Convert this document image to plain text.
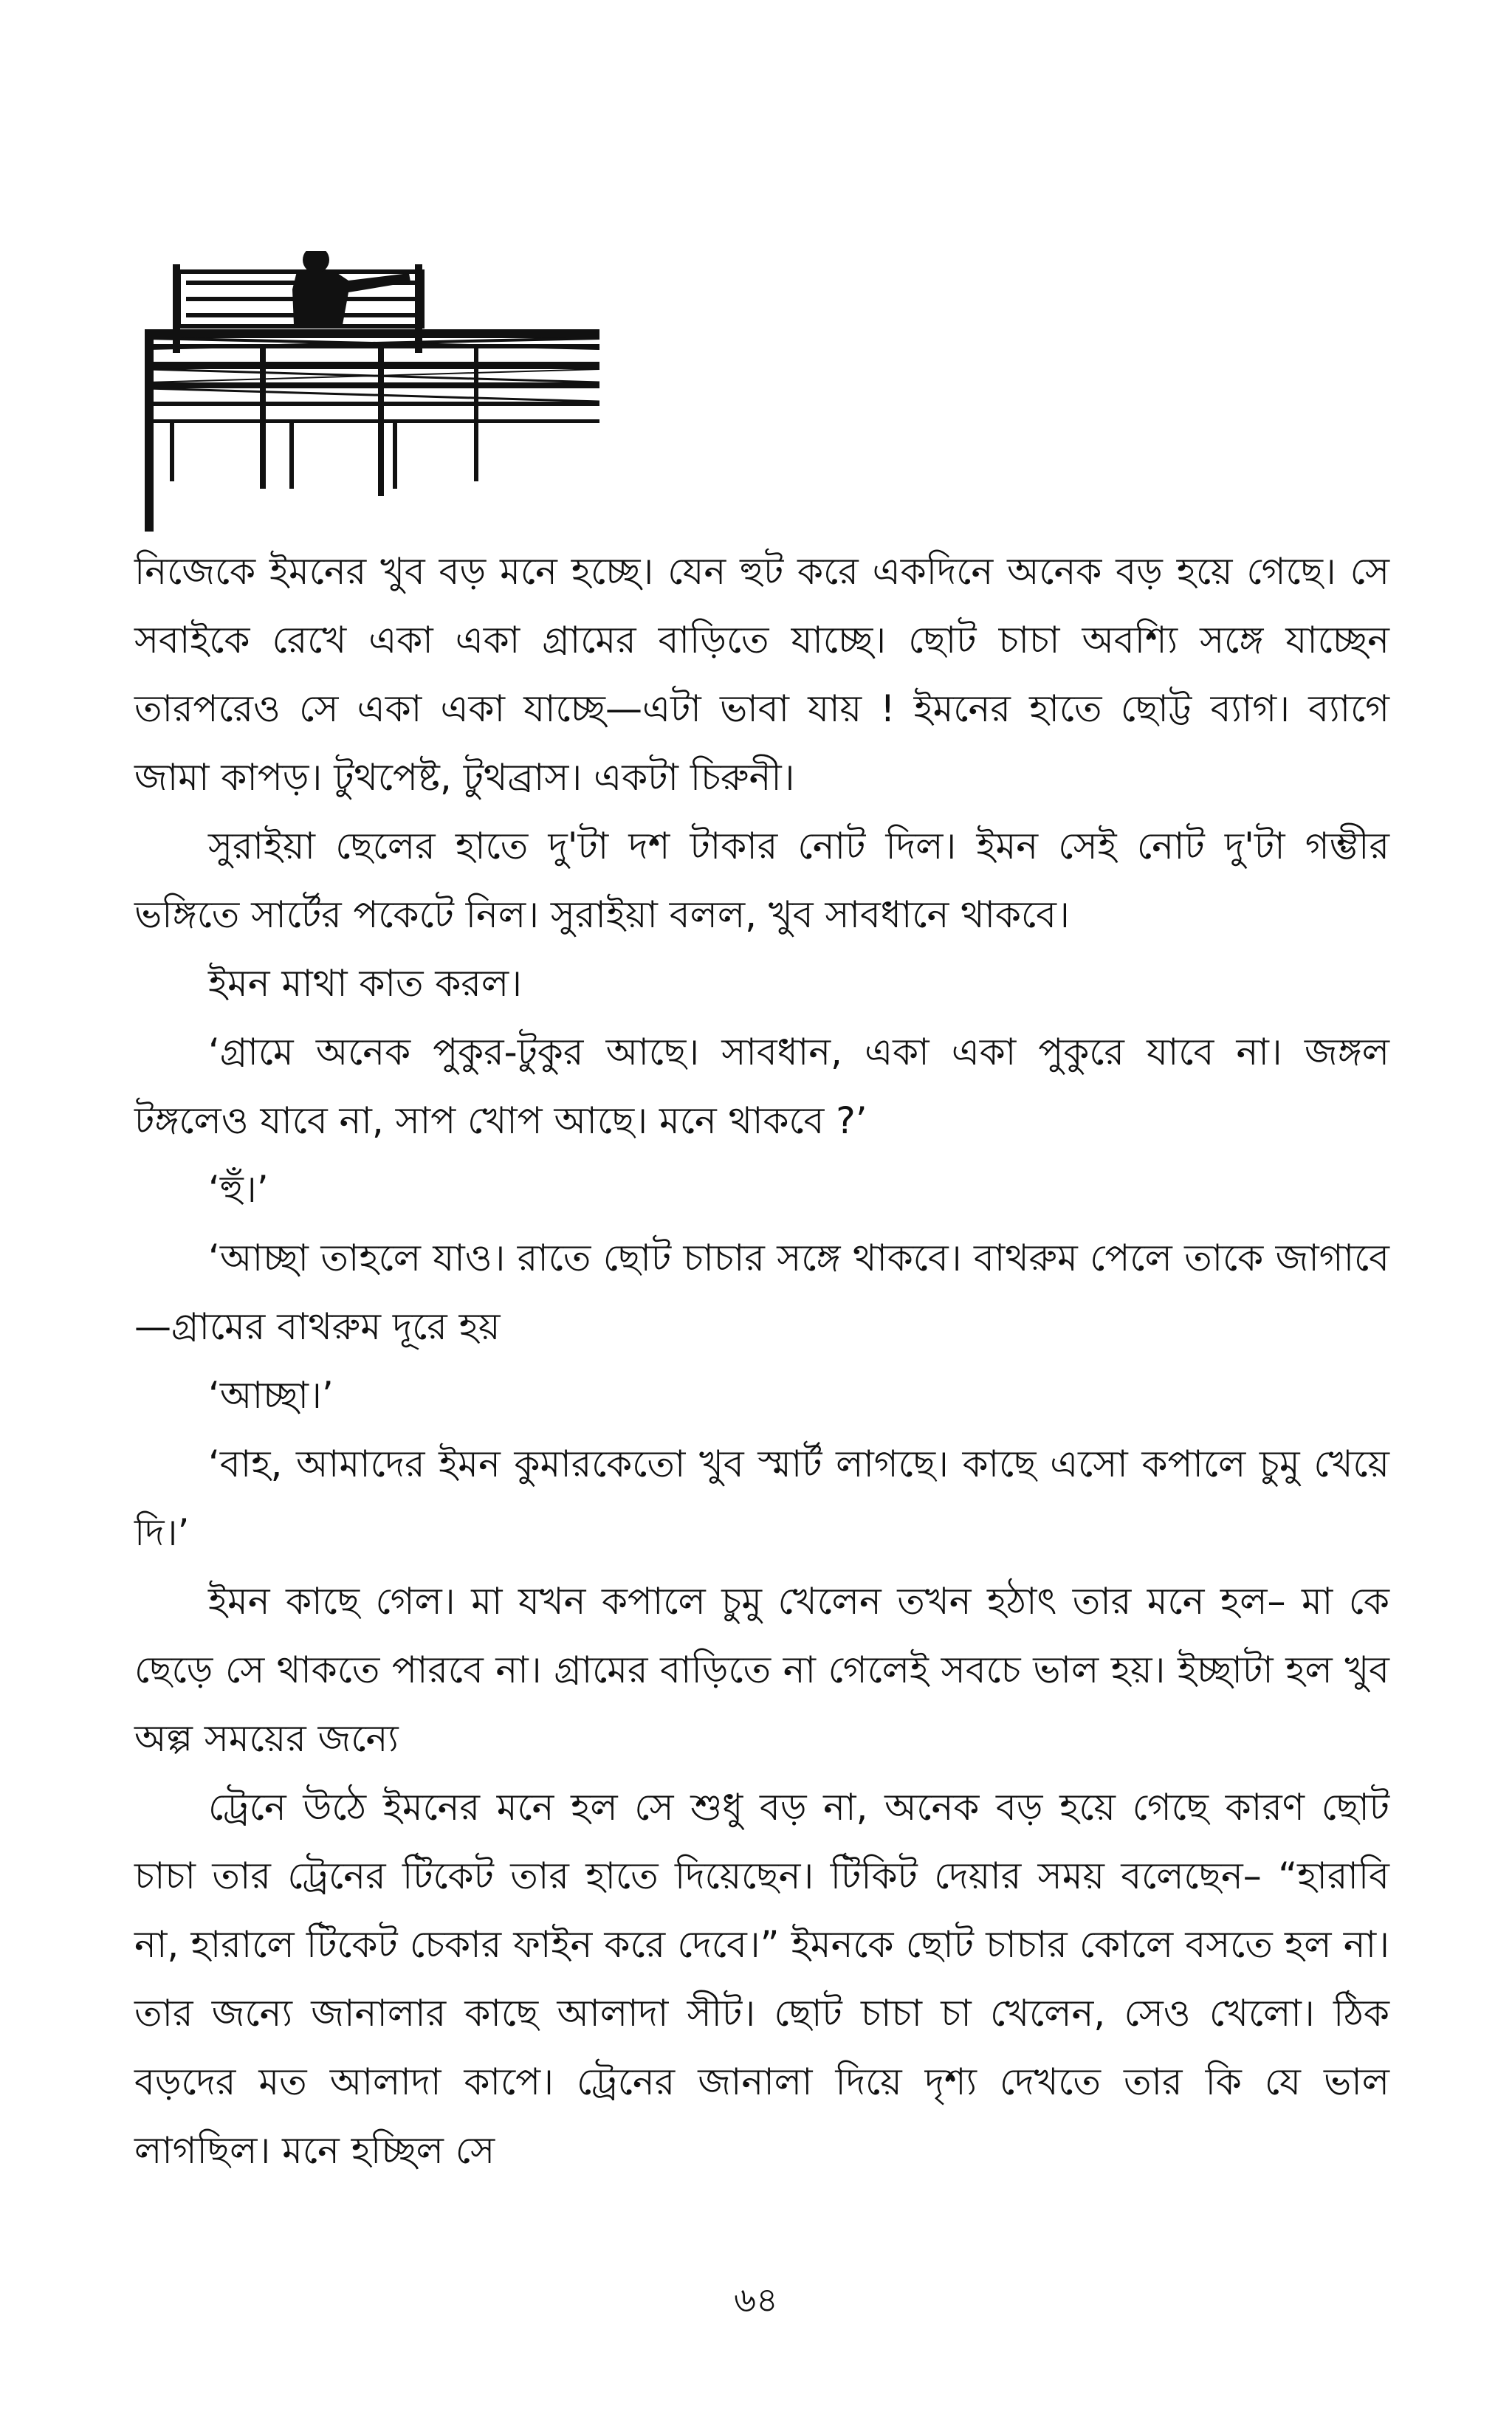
নিজেকে ইমনের খুব বড় মনে হচ্ছে। যেন হুট করে একদিনে অনেক বড় হয়ে গেছে। সে সবাইকে রেখে একা একা গ্রামের বাড়িতে যাচ্ছে। ছোট চাচা অবশ্যি সঙ্গে যাচ্ছেন তারপরেও সে একা একা যাচ্ছে—এটা ভাবা যায় ! ইমনের হাতে ছোট্ট ব্যাগ। ব্যাগে জামা কাপড়। টুথপেষ্ট, টুথব্রাস। একটা চিরুনী।

সুরাইয়া ছেলের হাতে দু'টা দশ টাকার নোট দিল। ইমন সেই নোট দু'টা গম্ভীর ভঙ্গিতে সার্টের পকেটে নিল। সুরাইয়া বলল, খুব সাবধানে থাকবে।

ইমন মাথা কাত করল।

‘গ্রামে অনেক পুকুর-টুকুর আছে। সাবধান, একা একা পুকুরে যাবে না। জঙ্গল টঙ্গলেও যাবে না, সাপ খোপ আছে। মনে থাকবে ?’

‘হুঁ।’

‘আচ্ছা তাহলে যাও। রাতে ছোট চাচার সঙ্গে থাকবে। বাথরুম পেলে তাকে জাগাবে—গ্রামের বাথরুম দূরে হয়

‘আচ্ছা।’

‘বাহ, আমাদের ইমন কুমারকেতো খুব স্মার্ট লাগছে। কাছে এসো কপালে চুমু খেয়ে দি।’

ইমন কাছে গেল। মা যখন কপালে চুমু খেলেন তখন হঠাৎ তার মনে হল– মা কে ছেড়ে সে থাকতে পারবে না। গ্রামের বাড়িতে না গেলেই সবচে ভাল হয়। ইচ্ছাটা হল খুব অল্প সময়ের জন্যে

ট্রেনে উঠে ইমনের মনে হল সে শুধু বড় না, অনেক বড় হয়ে গেছে কারণ ছোট চাচা তার ট্রেনের টিকেট তার হাতে দিয়েছেন। টিকিট দেয়ার সময় বলেছেন– “হারাবি না, হারালে টিকেট চেকার ফাইন করে দেবে।” ইমনকে ছোট চাচার কোলে বসতে হল না। তার জন্যে জানালার কাছে আলাদা সীট। ছোট চাচা চা খেলেন, সেও খেলো। ঠিক বড়দের মত আলাদা কাপে। ট্রেনের জানালা দিয়ে দৃশ্য দেখতে তার কি যে ভাল লাগছিল। মনে হচ্ছিল সে

৬৪
